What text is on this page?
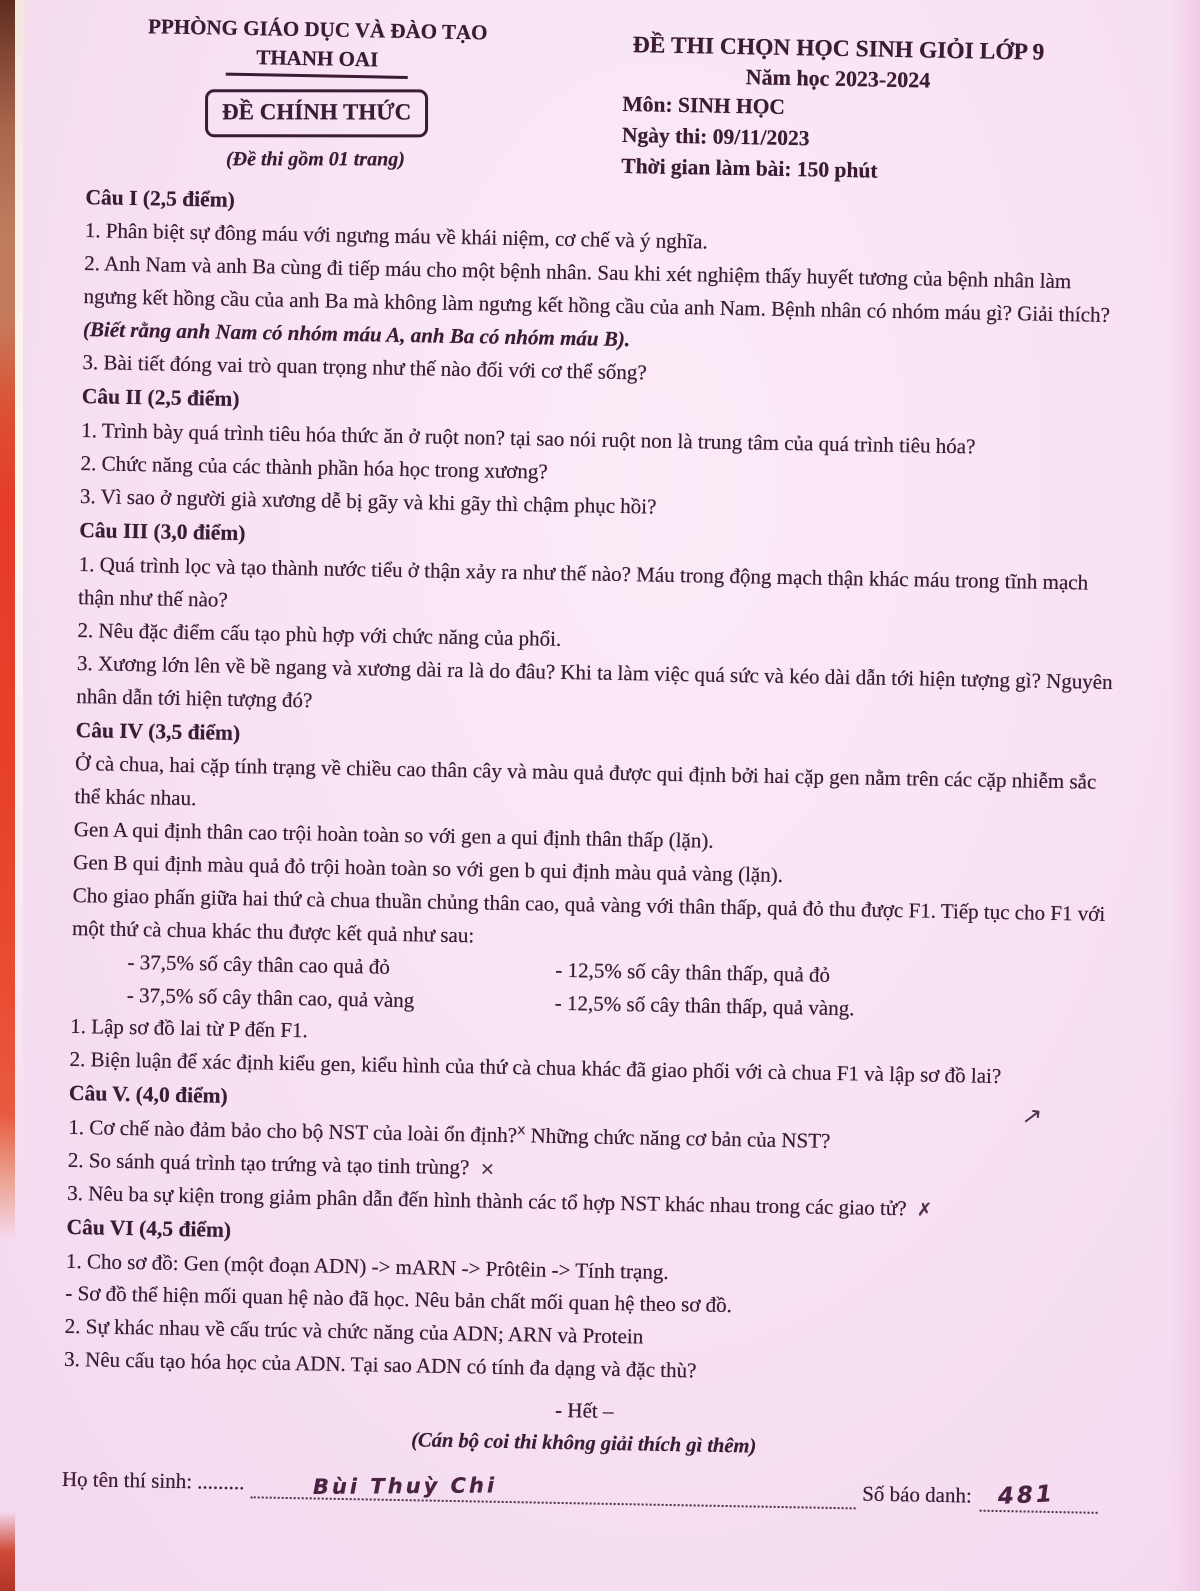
PPHÒNG GIÁO DỤC VÀ ĐÀO TẠO
THANH OAI
ĐỀ CHÍNH THỨC
(Đề thi gồm 01 trang)
ĐỀ THI CHỌN HỌC SINH GIỎI LỚP 9
Năm học 2023-2024
Môn: SINH HỌC
Ngày thi: 09/11/2023
Thời gian làm bài: 150 phút
Câu I (2,5 điểm)

1. Phân biệt sự đông máu với ngưng máu về khái niệm, cơ chế và ý nghĩa.

2. Anh Nam và anh Ba cùng đi tiếp máu cho một bệnh nhân. Sau khi xét nghiệm thấy huyết tương của bệnh nhân làm ngưng kết hồng cầu của anh Ba mà không làm ngưng kết hồng cầu của anh Nam. Bệnh nhân có nhóm máu gì? Giải thích? (Biết rằng anh Nam có nhóm máu A, anh Ba có nhóm máu B).

3. Bài tiết đóng vai trò quan trọng như thế nào đối với cơ thể sống?

Câu II (2,5 điểm)

1. Trình bày quá trình tiêu hóa thức ăn ở ruột non? tại sao nói ruột non là trung tâm của quá trình tiêu hóa?

2. Chức năng của các thành phần hóa học trong xương?

3. Vì sao ở người già xương dễ bị gãy và khi gãy thì chậm phục hồi?

Câu III (3,0 điểm)

1. Quá trình lọc và tạo thành nước tiểu ở thận xảy ra như thế nào? Máu trong động mạch thận khác máu trong tĩnh mạch thận như thế nào?

2. Nêu đặc điểm cấu tạo phù hợp với chức năng của phổi.

3. Xương lớn lên về bề ngang và xương dài ra là do đâu? Khi ta làm việc quá sức và kéo dài dẫn tới hiện tượng gì? Nguyên nhân dẫn tới hiện tượng đó?

Câu IV (3,5 điểm)

Ở cà chua, hai cặp tính trạng về chiều cao thân cây và màu quả được qui định bởi hai cặp gen nằm trên các cặp nhiễm sắc thể khác nhau.

Gen A qui định thân cao trội hoàn toàn so với gen a qui định thân thấp (lặn).

Gen B qui định màu quả đỏ trội hoàn toàn so với gen b qui định màu quả vàng (lặn).

Cho giao phấn giữa hai thứ cà chua thuần chủng thân cao, quả vàng với thân thấp, quả đỏ thu được F1. Tiếp tục cho F1 với một thứ cà chua khác thu được kết quả như sau:

- 37,5% số cây thân cao quả đỏ	- 12,5% số cây thân thấp, quả đỏ
- 37,5% số cây thân cao, quả vàng	- 12,5% số cây thân thấp, quả vàng.

1. Lập sơ đồ lai từ P đến F1.

2. Biện luận để xác định kiểu gen, kiểu hình của thứ cà chua khác đã giao phối với cà chua F1 và lập sơ đồ lai?

Câu V. (4,0 điểm)

1. Cơ chế nào đảm bảo cho bộ NST của loài ổn định?$^x$ Những chức năng cơ bản của NST?

2. So sánh quá trình tạo trứng và tạo tinh trùng? ×

3. Nêu ba sự kiện trong giảm phân dẫn đến hình thành các tổ hợp NST khác nhau trong các giao tử? ✗

Câu VI (4,5 điểm)

1. Cho sơ đồ: Gen (một đoạn ADN) -> mARN -> Prôtêin -> Tính trạng.

- Sơ đồ thể hiện mối quan hệ nào đã học. Nêu bản chất mối quan hệ theo sơ đồ.

2. Sự khác nhau về cấu trúc và chức năng của ADN; ARN và Protein

3. Nêu cấu tạo hóa học của ADN. Tại sao ADN có tính đa dạng và đặc thù?

- Hết –

(Cán bộ coi thi không giải thích gì thêm)

Họ tên thí sinh: .........	Bùi Thuỳ Chi	Số báo danh: 481
↗
